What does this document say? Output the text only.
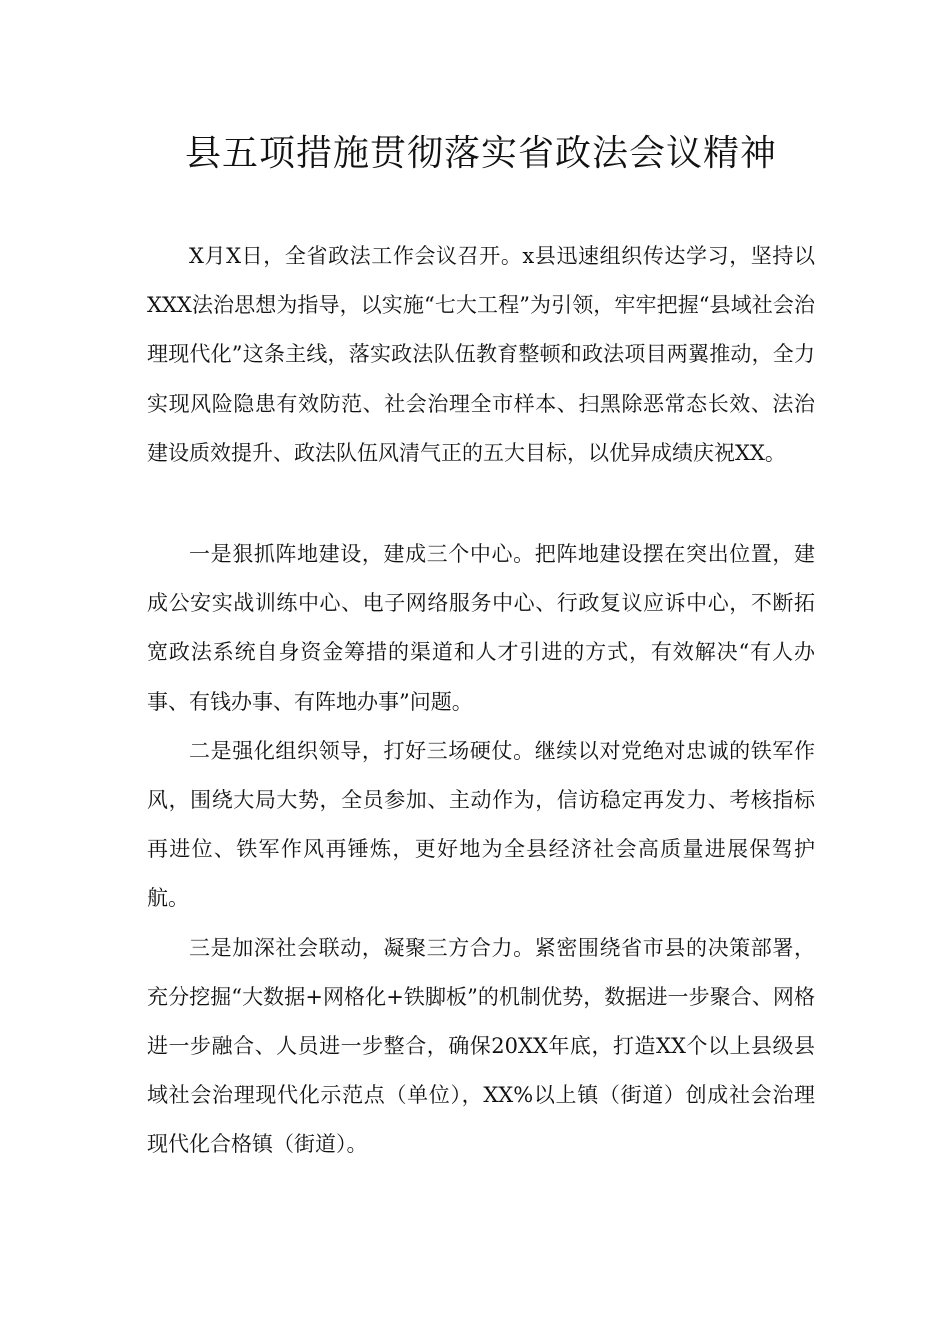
县五项措施贯彻落实省政法会议精神

X月X日，全省政法工作会议召开。x县迅速组织传达学习，坚持以XXX法治思想为指导，以实施“七大工程”为引领，牢牢把握“县域社会治理现代化”这条主线，落实政法队伍教育整顿和政法项目两翼推动，全力实现风险隐患有效防范、社会治理全市样本、扫黑除恶常态长效、法治建设质效提升、政法队伍风清气正的五大目标，以优异成绩庆祝XX。

一是狠抓阵地建设，建成三个中心。把阵地建设摆在突出位置，建成公安实战训练中心、电子网络服务中心、行政复议应诉中心，不断拓宽政法系统自身资金筹措的渠道和人才引进的方式，有效解决“有人办事、有钱办事、有阵地办事”问题。

二是强化组织领导，打好三场硬仗。继续以对党绝对忠诚的铁军作风，围绕大局大势，全员参加、主动作为，信访稳定再发力、考核指标再进位、铁军作风再锤炼，更好地为全县经济社会高质量进展保驾护航。

三是加深社会联动，凝聚三方合力。紧密围绕省市县的决策部署，充分挖掘“大数据+网格化+铁脚板”的机制优势，数据进一步聚合、网格进一步融合、人员进一步整合，确保20XX年底，打造XX个以上县级县域社会治理现代化示范点（单位），XX%以上镇（街道）创成社会治理现代化合格镇（街道）。
